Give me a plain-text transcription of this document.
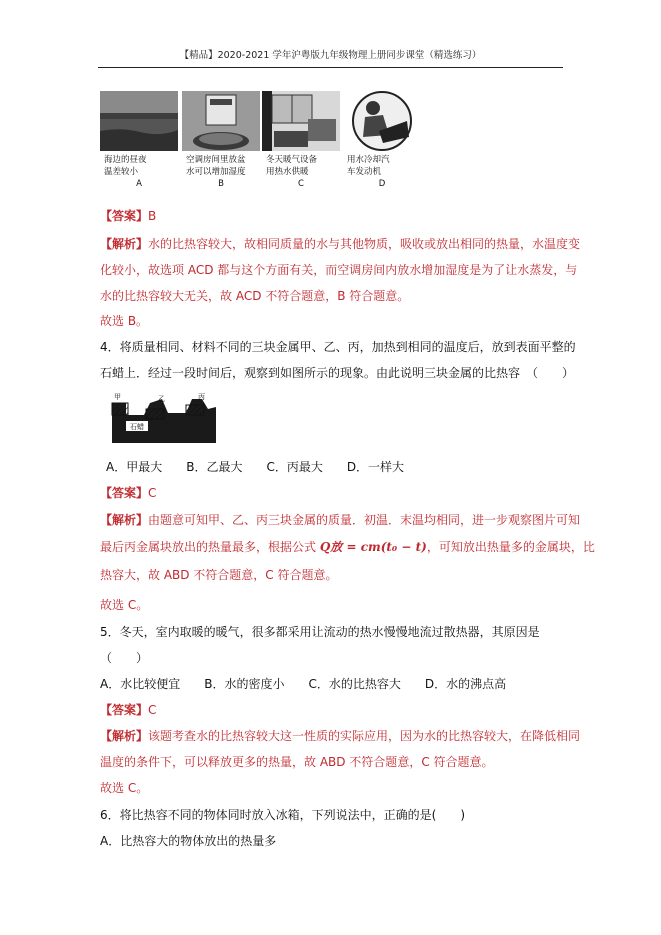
【精品】2020-2021 学年沪粤版九年级物理上册同步课堂（精选练习）
海边的昼夜
温差较小
A
空调房间里放盆
水可以增加湿度
B
冬天暖气设备
用热水供暖
C
用水冷却汽
车发动机
D
【答案】B
【解析】水的比热容较大，故相同质量的水与其他物质，吸收或放出相同的热量，水温度变
化较小，故选项 ACD 都与这个方面有关，而空调房间内放水增加湿度是为了让水蒸发，与
水的比热容较大无关，故 ACD 不符合题意，B 符合题意。
故选 B。
4．将质量相同、材料不同的三块金属甲、乙、丙，加热到相同的温度后，放到表面平整的
石蜡上．经过一段时间后，观察到如图所示的现象。由此说明三块金属的比热容　（　　）
石蜡
甲	乙	丙
A．甲最大　　B．乙最大　　C．丙最大　　D．一样大
【答案】C
【解析】由题意可知甲、乙、丙三块金属的质量．初温．末温均相同，进一步观察图片可知
最后丙金属块放出的热量最多，根据公式 Q放 = cm(t₀ − t)，可知放出热量多的金属块，比
热容大，故 ABD 不符合题意，C 符合题意。
故选 C。
5．冬天，室内取暖的暖气，很多都采用让流动的热水慢慢地流过散热器，其原因是
（　　）
A．水比较便宜　　B．水的密度小　　C．水的比热容大　　D．水的沸点高
【答案】C
【解析】该题考查水的比热容较大这一性质的实际应用，因为水的比热容较大，在降低相同
温度的条件下，可以释放更多的热量，故 ABD 不符合题意，C 符合题意。
故选 C。
6．将比热容不同的物体同时放入冰箱，下列说法中，正确的是(　　)
A．比热容大的物体放出的热量多
